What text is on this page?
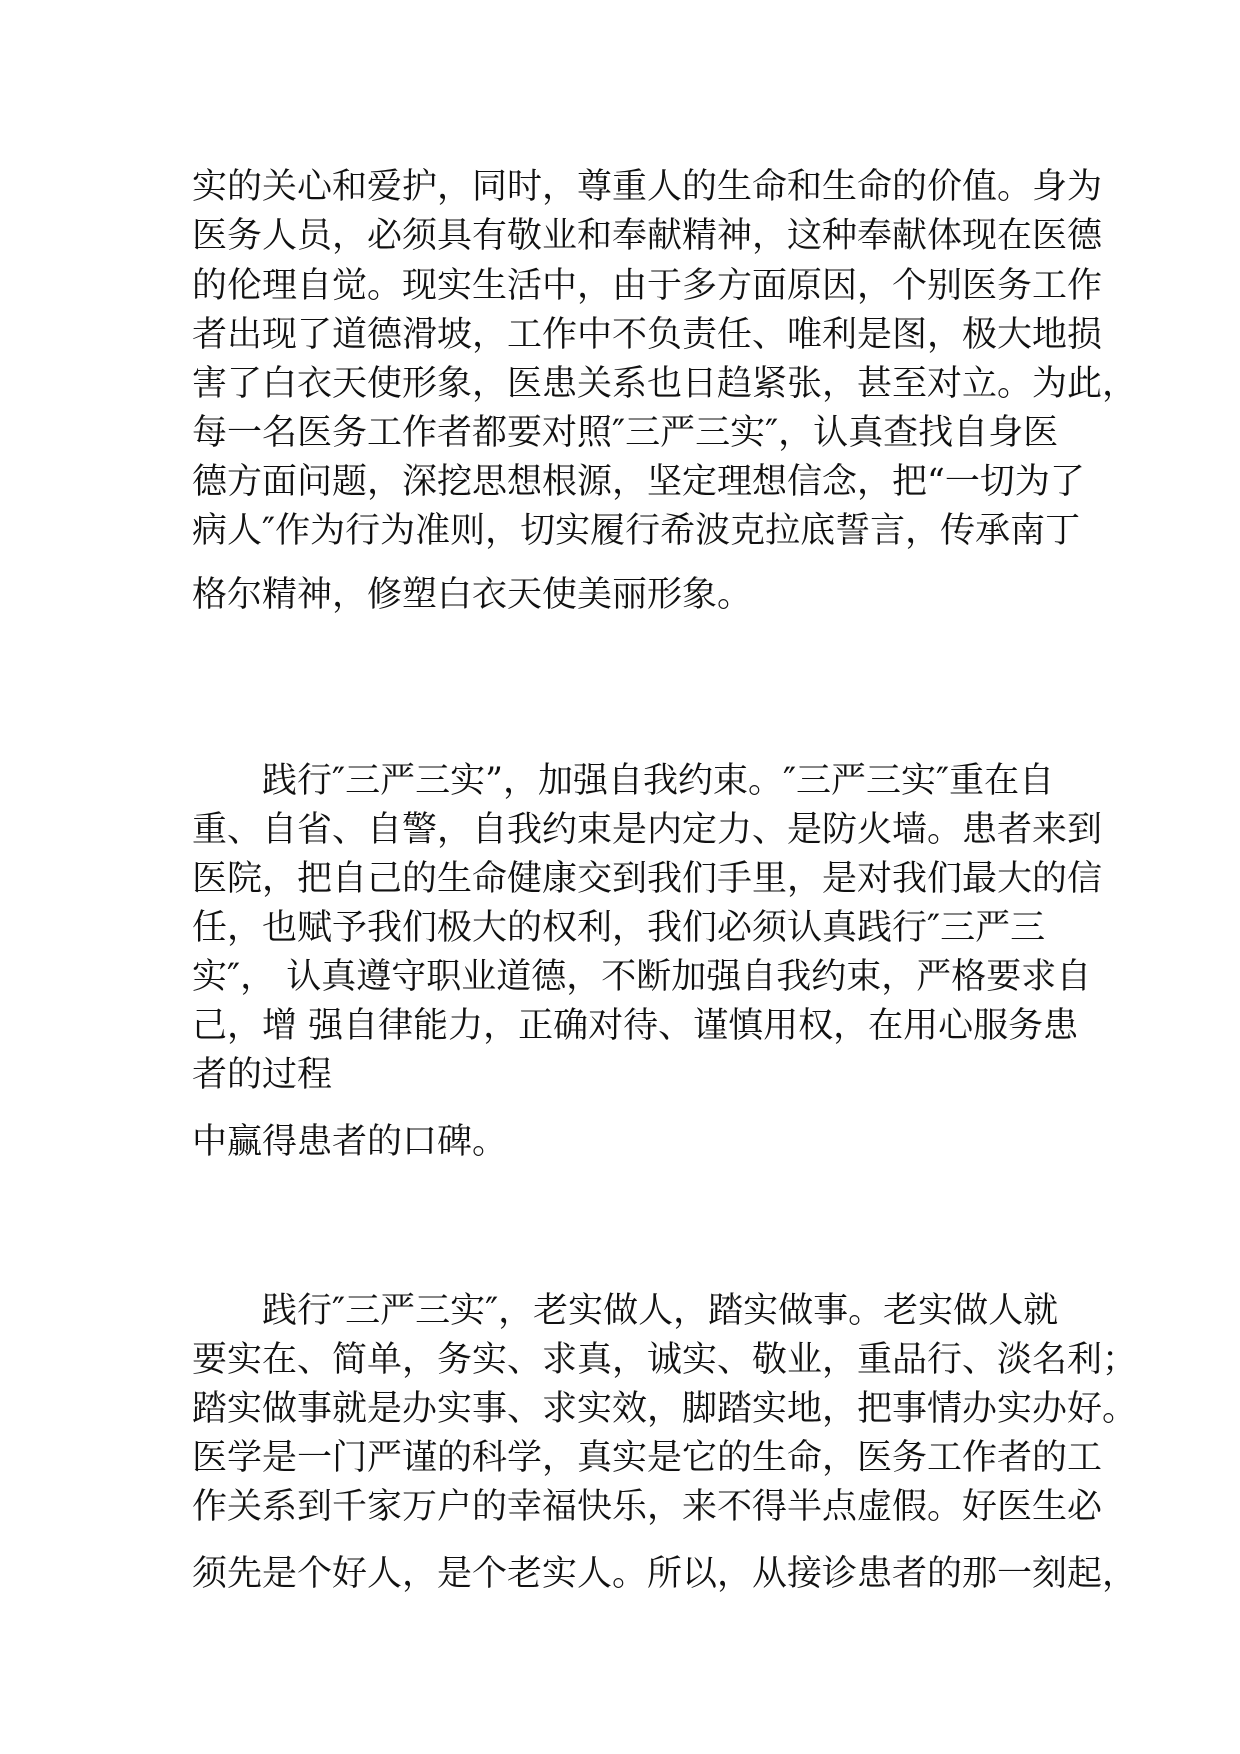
实的关心和爱护，同时，尊重人的生命和生命的价值。身为

医务人员，必须具有敬业和奉献精神，这种奉献体现在医德

的伦理自觉。现实生活中，由于多方面原因，个别医务工作

者出现了道德滑坡，工作中不负责任、唯利是图，极大地损

害了白衣天使形象，医患关系也日趋紧张，甚至对立。为此，

每一名医务工作者都要对照″三严三实″，认真查找自身医

德方面问题，深挖思想根源，坚定理想信念，把“一切为了

病人″作为行为准则，切实履行希波克拉底誓言，传承南丁

格尔精神，修塑白衣天使美丽形象。

践行″三严三实”，加强自我约束。″三严三实″重在自

重、自省、自警，自我约束是内定力、是防火墙。患者来到

医院，把自己的生命健康交到我们手里，是对我们最大的信

任，也赋予我们极大的权利，我们必须认真践行″三严三

实″， 认真遵守职业道德，不断加强自我约束，严格要求自

己，增 强自律能力，正确对待、谨慎用权，在用心服务患

者的过程

中赢得患者的口碑。

践行″三严三实″，老实做人，踏实做事。老实做人就

要实在、简单，务实、求真，诚实、敬业，重品行、淡名利；

踏实做事就是办实事、求实效，脚踏实地，把事情办实办好。

医学是一门严谨的科学，真实是它的生命，医务工作者的工

作关系到千家万户的幸福快乐，来不得半点虚假。好医生必

须先是个好人，是个老实人。所以，从接诊患者的那一刻起，
